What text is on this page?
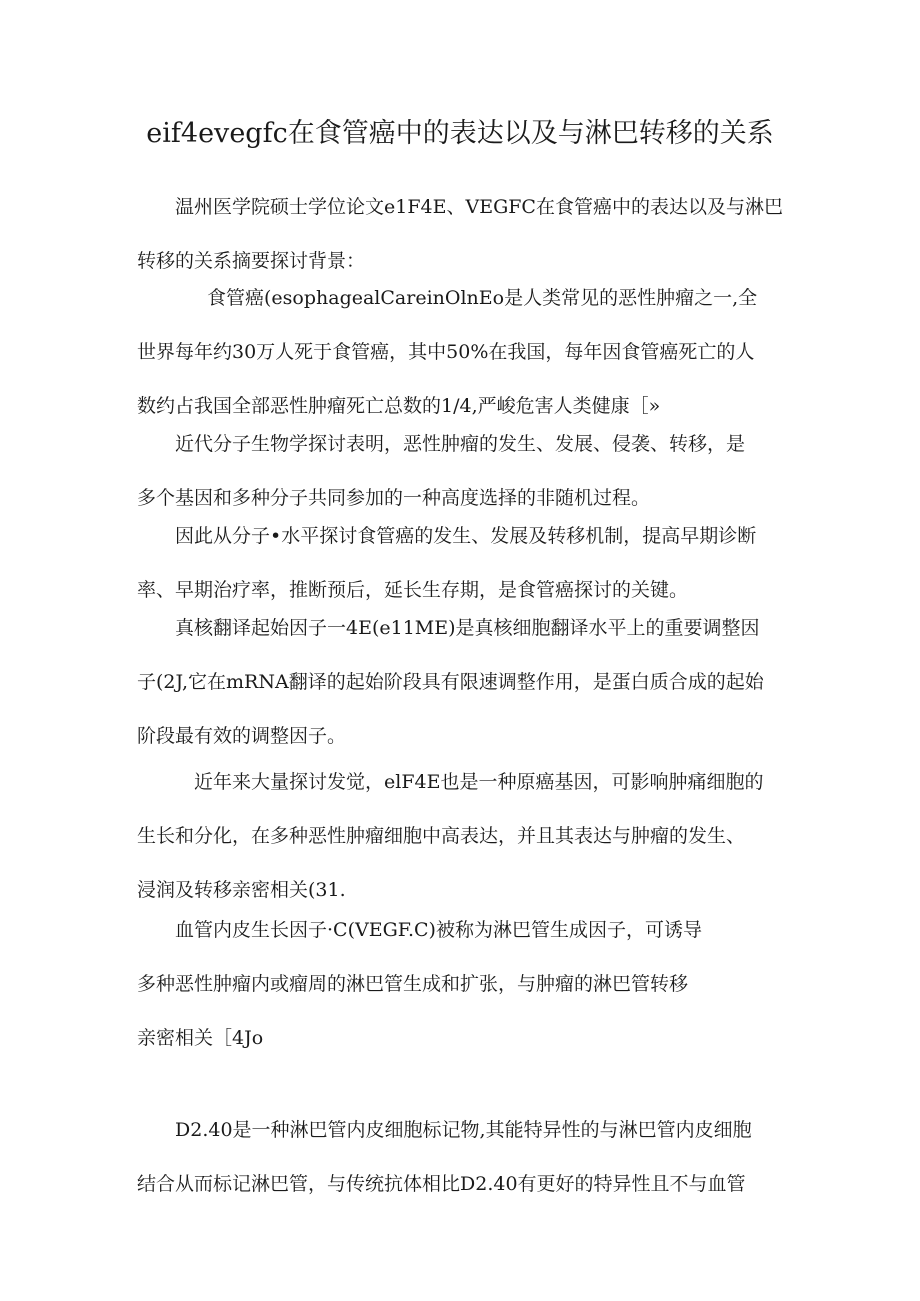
eif4evegfc在食管癌中的表达以及与淋巴转移的关系

温州医学院硕士学位论文e1F4E、VEGFC在食管癌中的表达以及与淋巴
转移的关系摘要探讨背景：

食管癌(esophagealCareinOlnEo是人类常见的恶性肿瘤之一,全
世界每年约30万人死于食管癌，其中50%在我国，每年因食管癌死亡的人
数约占我国全部恶性肿瘤死亡总数的1/4,严峻危害人类健康［»

近代分子生物学探讨表明，恶性肿瘤的发生、发展、侵袭、转移，是
多个基因和多种分子共同参加的一种高度选择的非随机过程。

因此从分子•水平探讨食管癌的发生、发展及转移机制，提高早期诊断
率、早期治疗率，推断预后，延长生存期，是食管癌探讨的关键。

真核翻译起始因子一4E(e11ME)是真核细胞翻译水平上的重要调整因
子(2J,它在mRNA翻译的起始阶段具有限速调整作用，是蛋白质合成的起始
阶段最有效的调整因子。

近年来大量探讨发觉，elF4E也是一种原癌基因，可影响肿痛细胞的
生长和分化，在多种恶性肿瘤细胞中高表达，并且其表达与肿瘤的发生、
浸润及转移亲密相关(31.

血管内皮生长因子·C(VEGF.C)被称为淋巴管生成因子，可诱导
多种恶性肿瘤内或瘤周的淋巴管生成和扩张，与肿瘤的淋巴管转移
亲密相关［4Jo

D2.40是一种淋巴管内皮细胞标记物,其能特异性的与淋巴管内皮细胞
结合从而标记淋巴管，与传统抗体相比D2.40有更好的特异性且不与血管
